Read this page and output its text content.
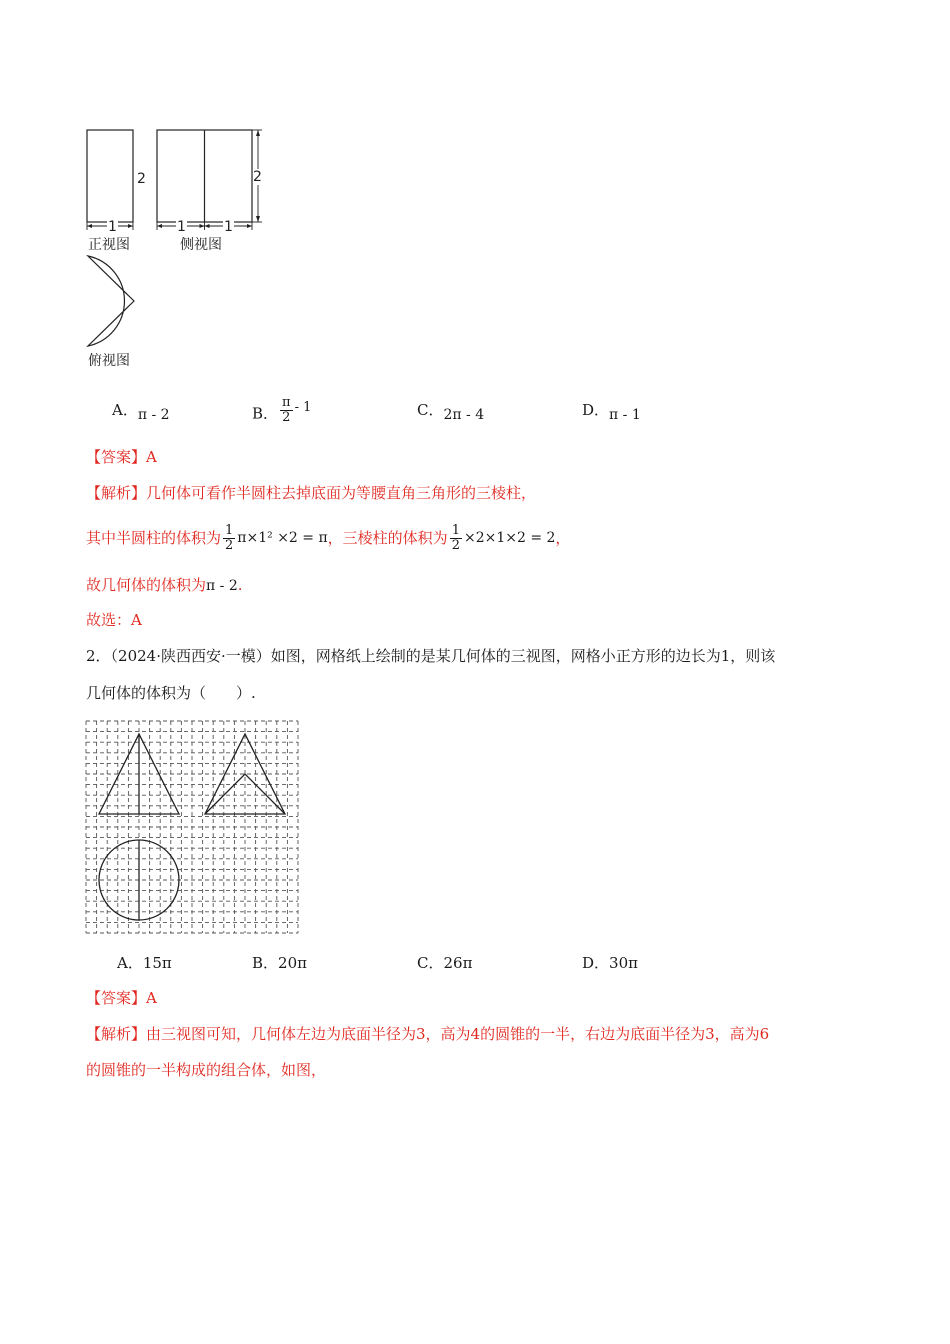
2
1	1	1
2
正视图	侧视图
俯视图
A．π - 2	B． $\frac{\pi}{2} - 1$	C．2π - 4	D．π - 1
【答案】A
【解析】几何体可看作半圆柱去掉底面为等腰直角三角形的三棱柱，
其中半圆柱的体积为 $\frac{1}{2} \pi\times 1^2 \times 2 = \pi$ ，三棱柱的体积为 $\frac{1}{2} \times 2\times 1\times 2 = 2$ ，
故几何体的体积为π - 2.
故选：A
2．（2024·陕西西安·一模）如图，网格纸上绘制的是某几何体的三视图，网格小正方形的边长为1，则该
几何体的体积为（　　）.
A．15π	B．20π	C．26π	D．30π
【答案】A
【解析】由三视图可知，几何体左边为底面半径为3，高为4的圆锥的一半，右边为底面半径为3，高为6
的圆锥的一半构成的组合体，如图，
